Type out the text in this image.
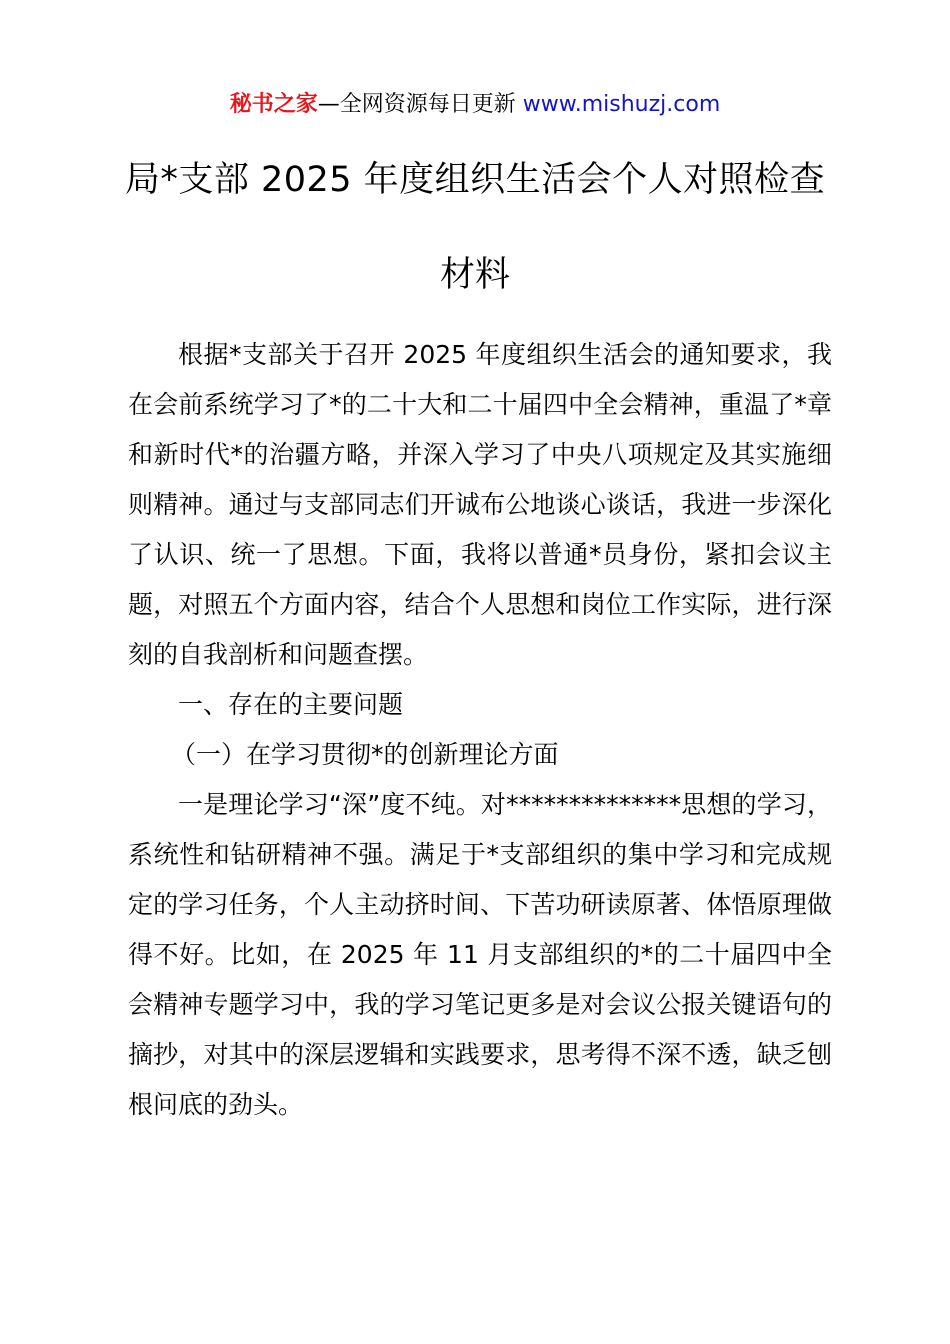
秘书之家—全网资源每日更新 www.mishuzj.com
局*支部 2025 年度组织生活会个人对照检查
材料

根据*支部关于召开 2025 年度组织生活会的通知要求，我在会前系统学习了*的二十大和二十届四中全会精神，重温了*章和新时代*的治疆方略，并深入学习了中央八项规定及其实施细则精神。通过与支部同志们开诚布公地谈心谈话，我进一步深化了认识、统一了思想。下面，我将以普通*员身份，紧扣会议主题，对照五个方面内容，结合个人思想和岗位工作实际，进行深刻的自我剖析和问题查摆。

一、存在的主要问题

（一）在学习贯彻*的创新理论方面

一是理论学习“深”度不纯。对**************思想的学习，系统性和钻研精神不强。满足于*支部组织的集中学习和完成规定的学习任务，个人主动挤时间、下苦功研读原著、体悟原理做得不好。比如，在 2025 年 11 月支部组织的*的二十届四中全会精神专题学习中，我的学习笔记更多是对会议公报关键语句的摘抄，对其中的深层逻辑和实践要求，思考得不深不透，缺乏刨根问底的劲头。
